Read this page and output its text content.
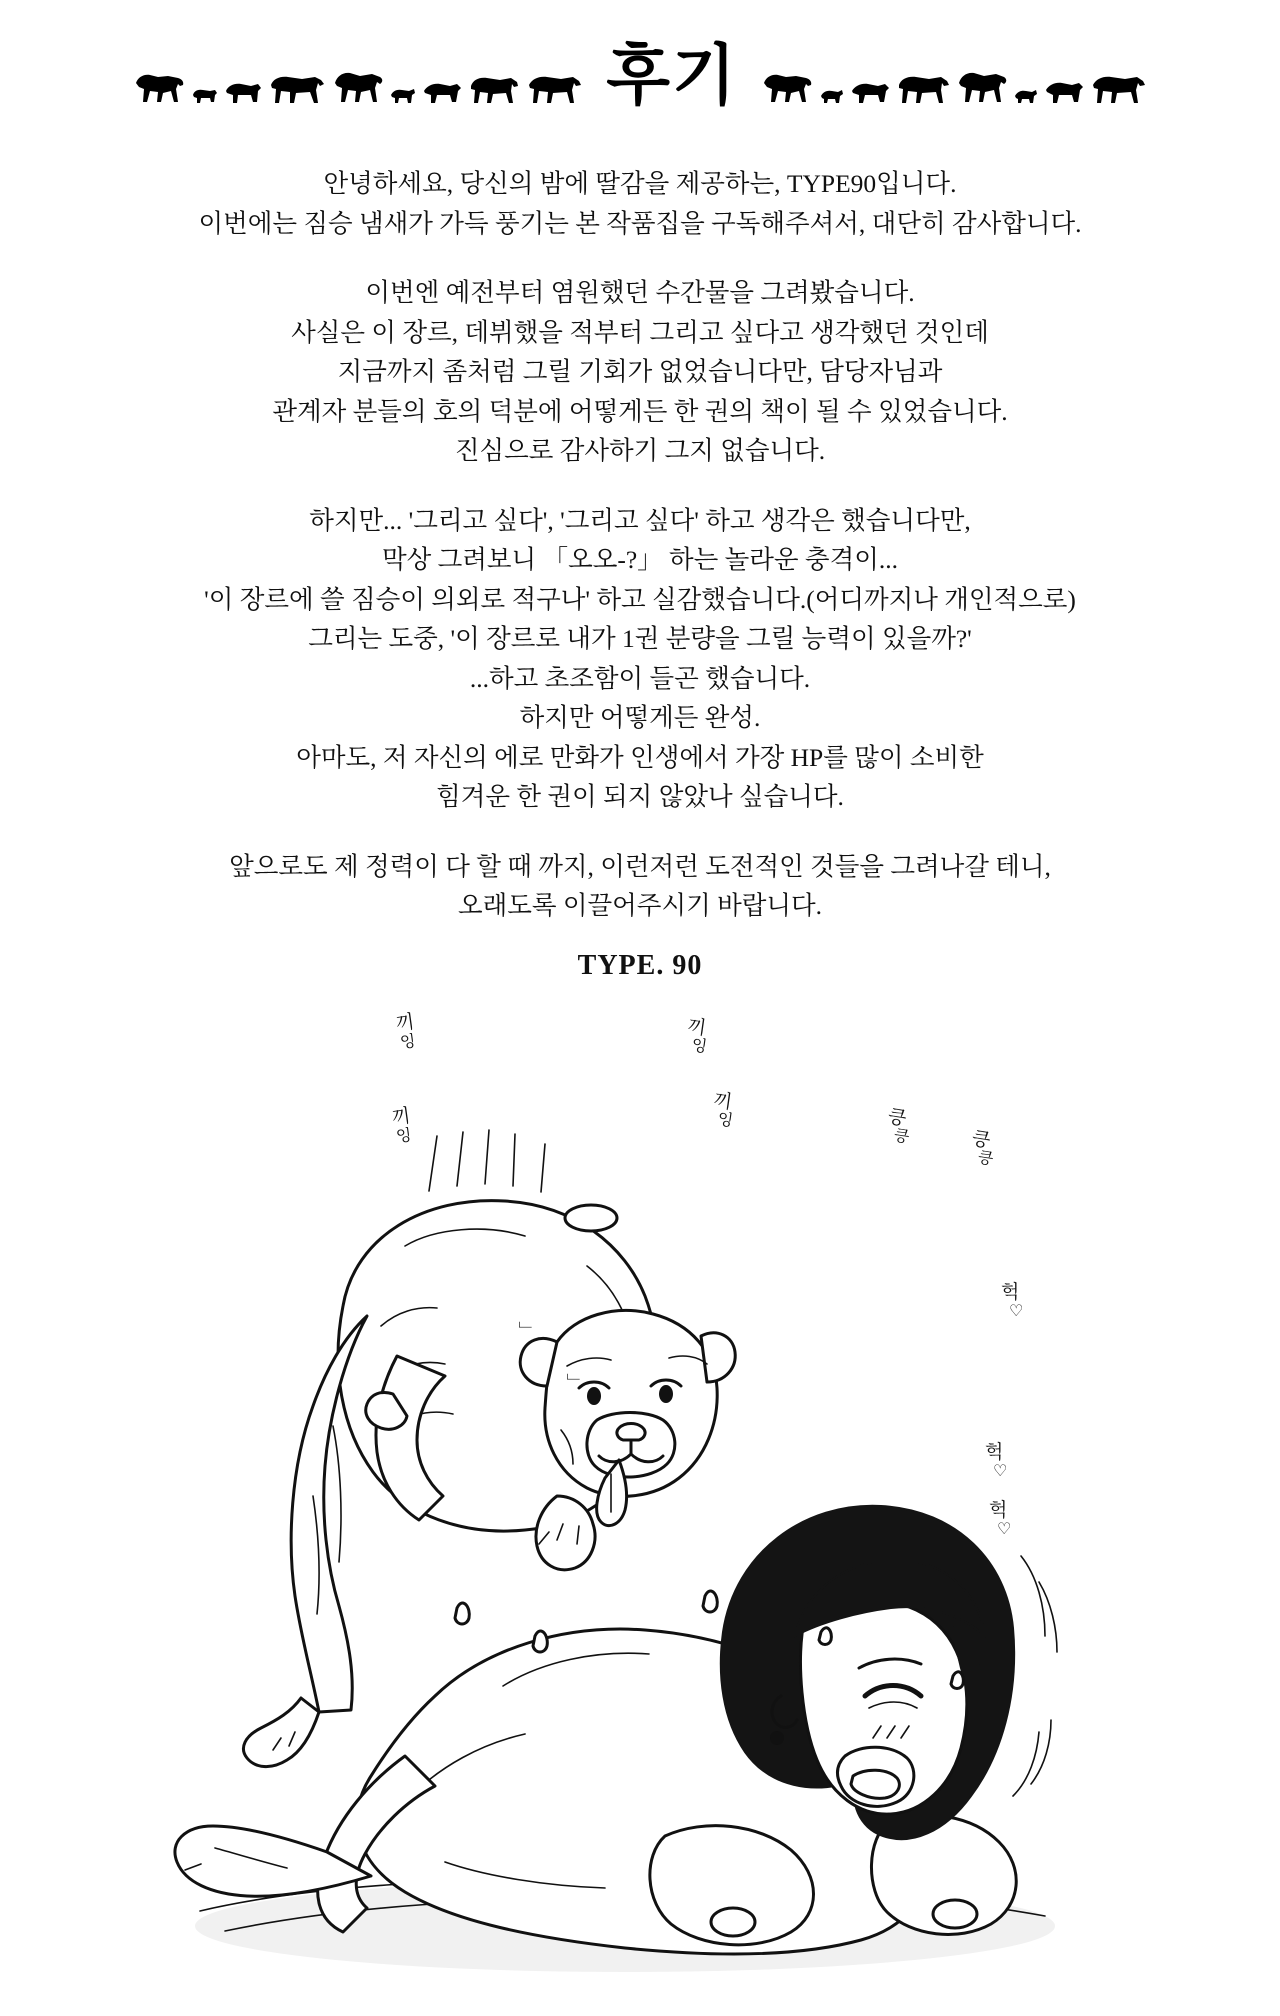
후기
안녕하세요, 당신의 밤에 딸감을 제공하는, TYPE90입니다.
이번에는 짐승 냄새가 가득 풍기는 본 작품집을 구독해주셔서, 대단히 감사합니다.
이번엔 예전부터 염원했던 수간물을 그려봤습니다.
사실은 이 장르, 데뷔했을 적부터 그리고 싶다고 생각했던 것인데
지금까지 좀처럼 그릴 기회가 없었습니다만, 담당자님과
관계자 분들의 호의 덕분에 어떻게든 한 권의 책이 될 수 있었습니다.
진심으로 감사하기 그지 없습니다.
하지만... '그리고 싶다', '그리고 싶다' 하고 생각은 했습니다만,
막상 그려보니 「오오-?」 하는 놀라운 충격이...
'이 장르에 쓸 짐승이 의외로 적구나' 하고 실감했습니다.(어디까지나 개인적으로)
그리는 도중, '이 장르로 내가 1권 분량을 그릴 능력이 있을까?'
...하고 초조함이 들곤 했습니다.
하지만 어떻게든 완성.
아마도, 저 자신의 에로 만화가 인생에서 가장 HP를 많이 소비한
힘겨운 한 권이 되지 않았나 싶습니다.
앞으로도 제 정력이 다 할 때 까지, 이런저런 도전적인 것들을 그려나갈 테니,
오래도록 이끌어주시기 바랍니다.
TYPE. 90
끼
잉
끼
잉
끼
잉
끼
잉	킁
킁	킁
킁
헉
♡
헉
♡
헉
♡
「
「
